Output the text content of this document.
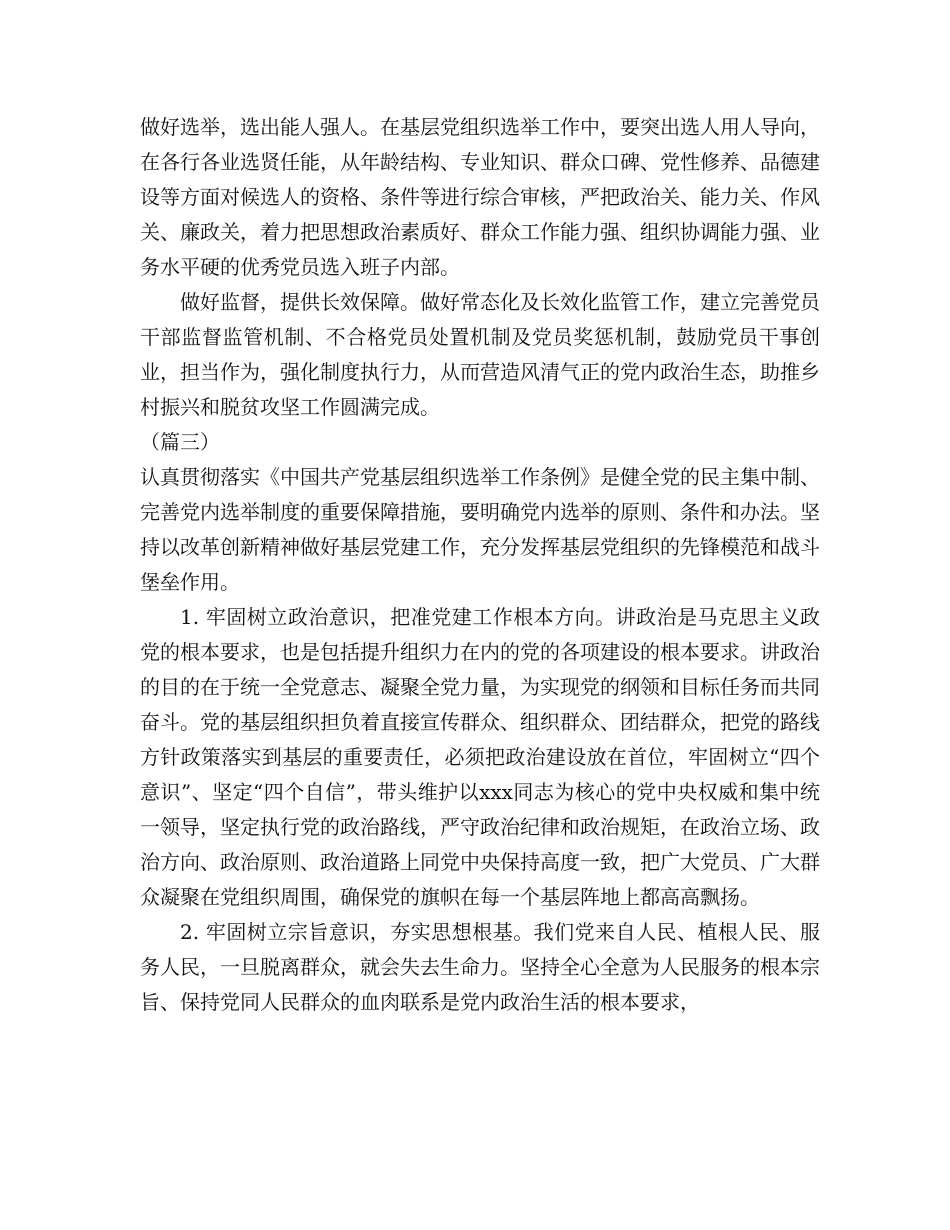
做好选举，选出能人强人。在基层党组织选举工作中，要突出选人用人导向，在各行各业选贤任能，从年龄结构、专业知识、群众口碑、党性修养、品德建设等方面对候选人的资格、条件等进行综合审核，严把政治关、能力关、作风关、廉政关，着力把思想政治素质好、群众工作能力强、组织协调能力强、业务水平硬的优秀党员选入班子内部。

做好监督，提供长效保障。做好常态化及长效化监管工作，建立完善党员干部监督监管机制、不合格党员处置机制及党员奖惩机制，鼓励党员干事创业，担当作为，强化制度执行力，从而营造风清气正的党内政治生态，助推乡村振兴和脱贫攻坚工作圆满完成。

（篇三）

认真贯彻落实《中国共产党基层组织选举工作条例》是健全党的民主集中制、完善党内选举制度的重要保障措施，要明确党内选举的原则、条件和办法。坚持以改革创新精神做好基层党建工作，充分发挥基层党组织的先锋模范和战斗堡垒作用。

1. 牢固树立政治意识，把准党建工作根本方向。讲政治是马克思主义政党的根本要求，也是包括提升组织力在内的党的各项建设的根本要求。讲政治的目的在于统一全党意志、凝聚全党力量，为实现党的纲领和目标任务而共同奋斗。党的基层组织担负着直接宣传群众、组织群众、团结群众，把党的路线方针政策落实到基层的重要责任，必须把政治建设放在首位，牢固树立“四个意识”、坚定“四个自信”，带头维护以xxx同志为核心的党中央权威和集中统一领导，坚定执行党的政治路线，严守政治纪律和政治规矩，在政治立场、政治方向、政治原则、政治道路上同党中央保持高度一致，把广大党员、广大群众凝聚在党组织周围，确保党的旗帜在每一个基层阵地上都高高飘扬。

2. 牢固树立宗旨意识，夯实思想根基。我们党来自人民、植根人民、服务人民，一旦脱离群众，就会失去生命力。坚持全心全意为人民服务的根本宗旨、保持党同人民群众的血肉联系是党内政治生活的根本要求，
